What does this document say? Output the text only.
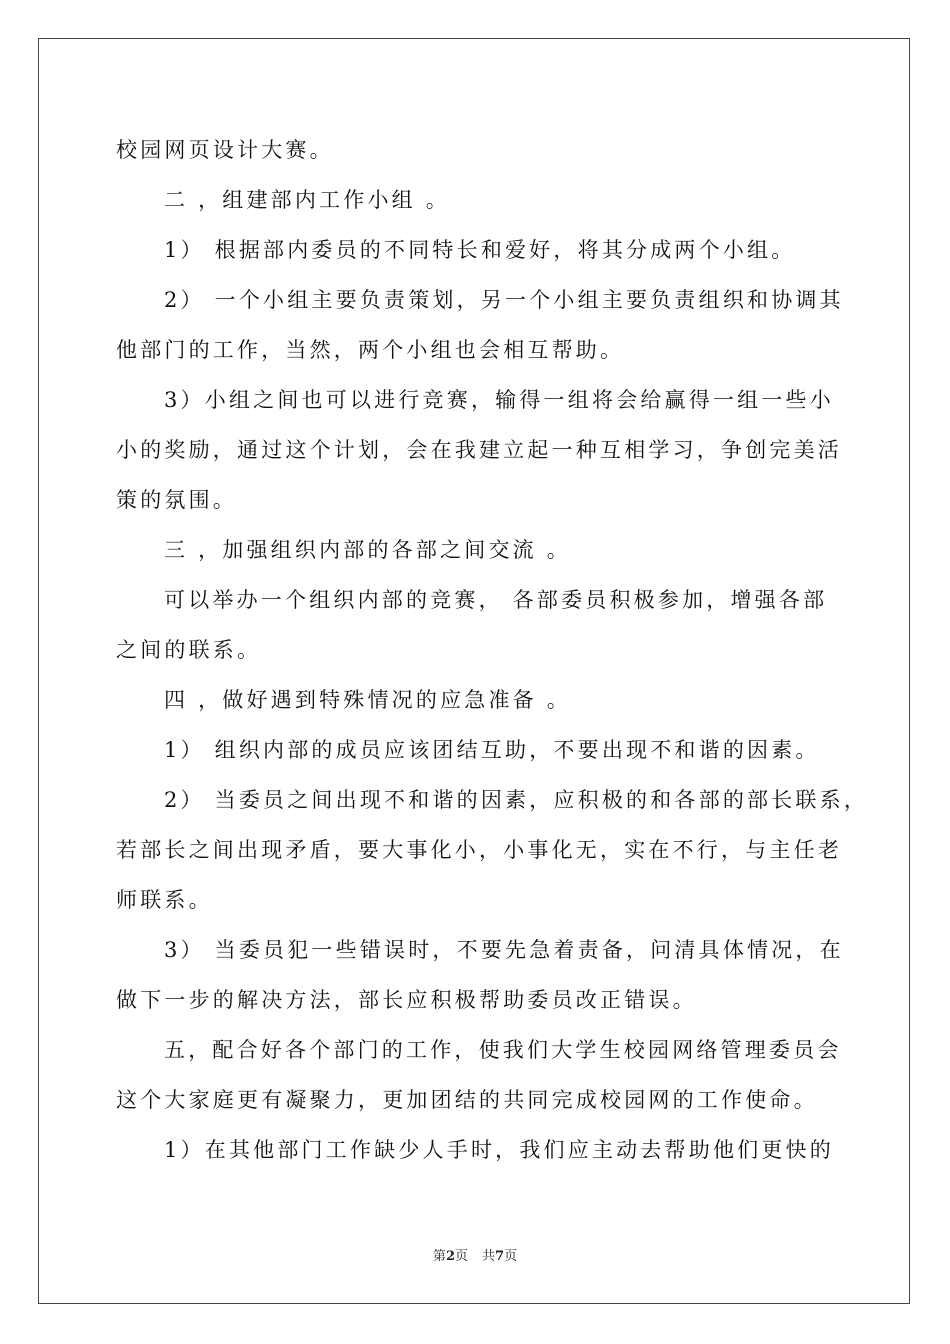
校园网页设计大赛。
二 ，组建部内工作小组 。
1） 根据部内委员的不同特长和爱好，将其分成两个小组。
2） 一个小组主要负责策划，另一个小组主要负责组织和协调其
他部门的工作，当然，两个小组也会相互帮助。
3）小组之间也可以进行竞赛，输得一组将会给赢得一组一些小
小的奖励，通过这个计划，会在我建立起一种互相学习，争创完美活
策的氛围。
三 ，加强组织内部的各部之间交流 。
可以举办一个组织内部的竞赛， 各部委员积极参加，增强各部
之间的联系。
四 ，做好遇到特殊情况的应急准备 。
1） 组织内部的成员应该团结互助，不要出现不和谐的因素。
2） 当委员之间出现不和谐的因素，应积极的和各部的部长联系，
若部长之间出现矛盾，要大事化小，小事化无，实在不行，与主任老
师联系。
3） 当委员犯一些错误时，不要先急着责备，问清具体情况，在
做下一步的解决方法，部长应积极帮助委员改正错误。
五，配合好各个部门的工作，使我们大学生校园网络管理委员会
这个大家庭更有凝聚力，更加团结的共同完成校园网的工作使命。
1）在其他部门工作缺少人手时，我们应主动去帮助他们更快的
第2页 共7页
